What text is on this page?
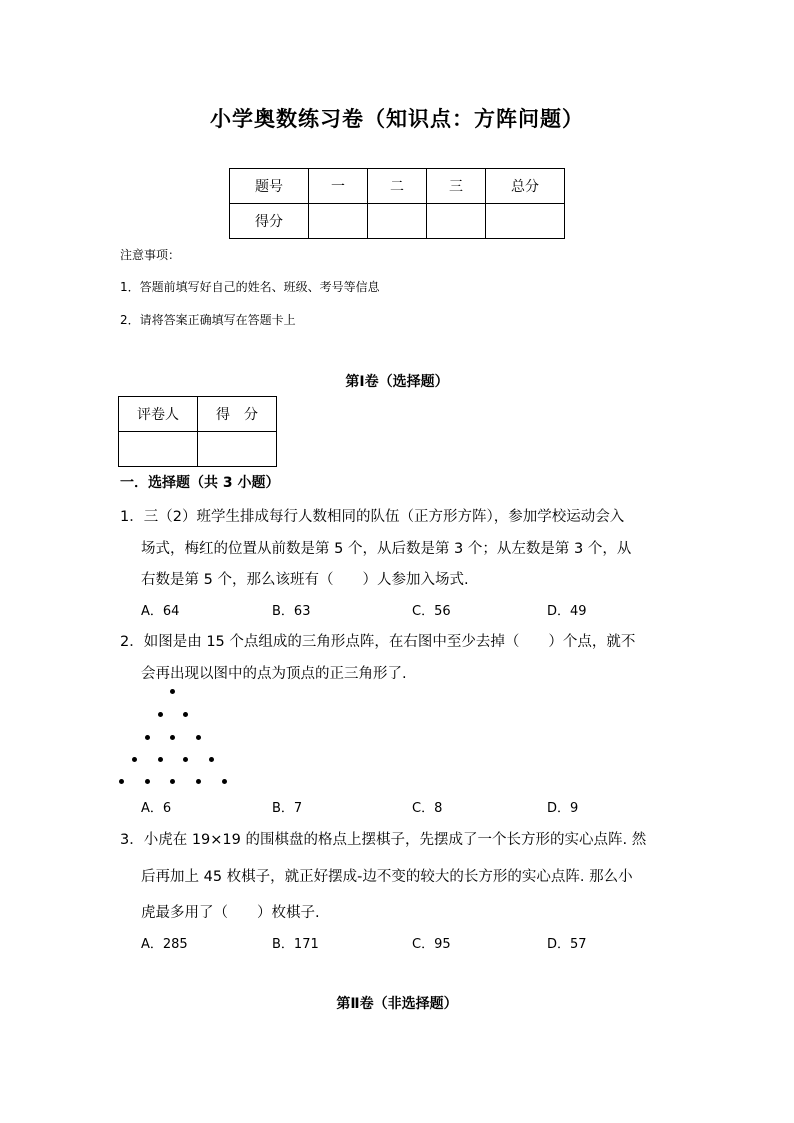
小学奥数练习卷（知识点：方阵问题）
题号	一	二	三	总分
得分				
注意事项：
1．答题前填写好自己的姓名、班级、考号等信息
2．请将答案正确填写在答题卡上
第Ⅰ卷（选择题）
评卷人	得　分

一．选择题（共 3 小题）
1．三（2）班学生排成每行人数相同的队伍（正方形方阵），参加学校运动会入
场式，梅红的位置从前数是第 5 个，从后数是第 3 个；从左数是第 3 个，从
右数是第 5 个，那么该班有（　　）人参加入场式.
A．64	B．63	C．56	D．49
2．如图是由 15 个点组成的三角形点阵，在右图中至少去掉（　　）个点，就不
会再出现以图中的点为顶点的正三角形了.
A．6	B．7	C．8	D．9
3．小虎在 19×19 的围棋盘的格点上摆棋子，先摆成了一个长方形的实心点阵. 然
后再加上 45 枚棋子，就正好摆成-边不变的较大的长方形的实心点阵. 那么小
虎最多用了（　　）枚棋子.
A．285	B．171	C．95	D．57
第Ⅱ卷（非选择题）
